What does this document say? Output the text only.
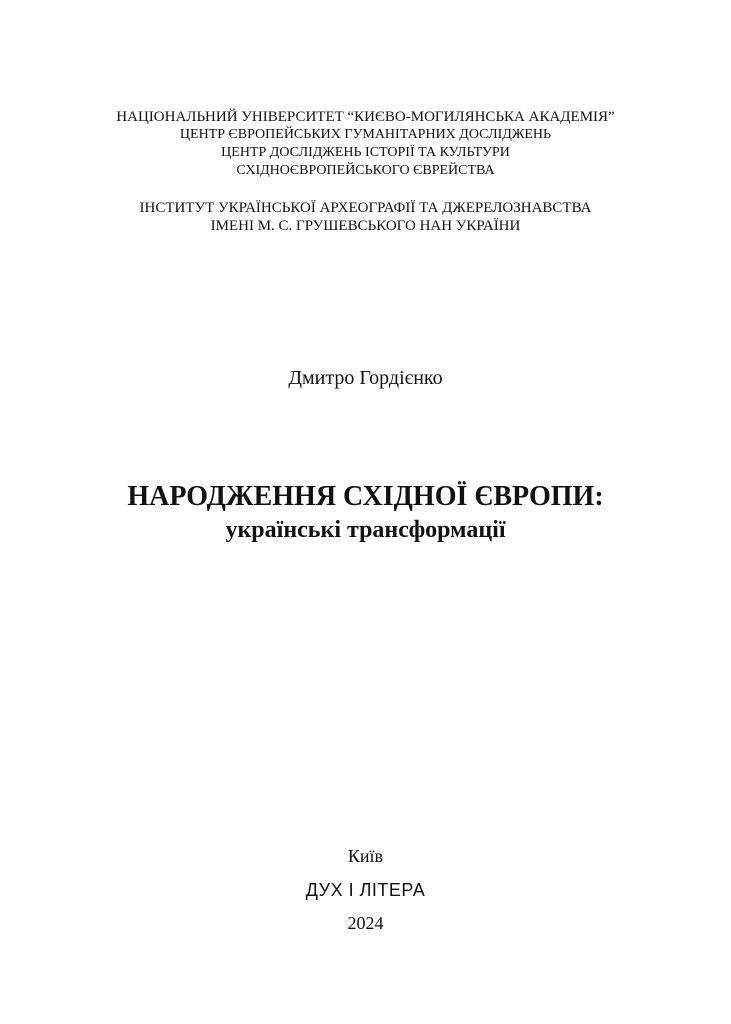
НАЦІОНАЛЬНИЙ УНІВЕРСИТЕТ “КИЄВО-МОГИЛЯНСЬКА АКАДЕМІЯ”
ЦЕНТР ЄВРОПЕЙСЬКИХ ГУМАНІТАРНИХ ДОСЛІДЖЕНЬ
ЦЕНТР ДОСЛІДЖЕНЬ ІСТОРІЇ ТА КУЛЬТУРИ
СХІДНОЄВРОПЕЙСЬКОГО ЄВРЕЙСТВА
ІНСТИТУТ УКРАЇНСЬКОЇ АРХЕОГРАФІЇ ТА ДЖЕРЕЛОЗНАВСТВА
ІМЕНІ М. С. ГРУШЕВСЬКОГО НАН УКРАЇНИ
Дмитро Гордієнко
НАРОДЖЕННЯ СХІДНОЇ ЄВРОПИ:
українські трансформації
Київ
ДУХ І ЛІТЕРА
2024
